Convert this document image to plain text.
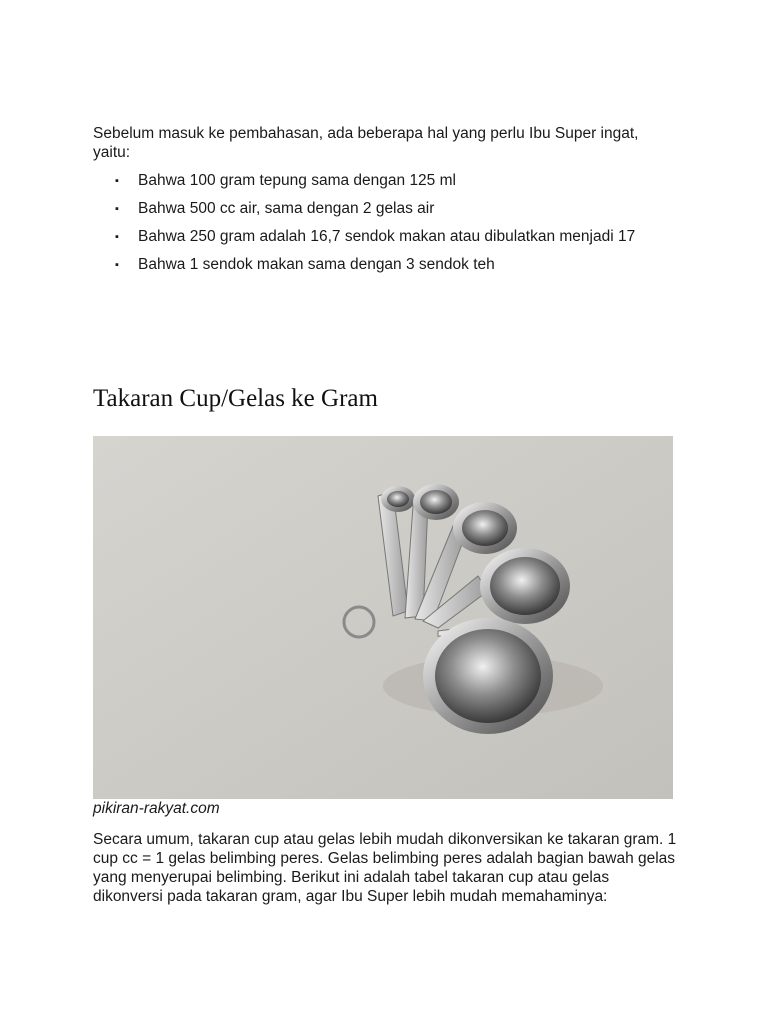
Sebelum masuk ke pembahasan, ada beberapa hal yang perlu Ibu Super ingat, yaitu:

▪ Bahwa 100 gram tepung sama dengan 125 ml
▪ Bahwa 500 cc air, sama dengan 2 gelas air
▪ Bahwa 250 gram adalah 16,7 sendok makan atau dibulatkan menjadi 17
▪ Bahwa 1 sendok makan sama dengan 3 sendok teh
Takaran Cup/Gelas ke Gram

pikiran-rakyat.com

Secara umum, takaran cup atau gelas lebih mudah dikonversikan ke takaran gram. 1 cup cc = 1 gelas belimbing peres. Gelas belimbing peres adalah bagian bawah gelas yang menyerupai belimbing. Berikut ini adalah tabel takaran cup atau gelas dikonversi pada takaran gram, agar Ibu Super lebih mudah memahaminya:
